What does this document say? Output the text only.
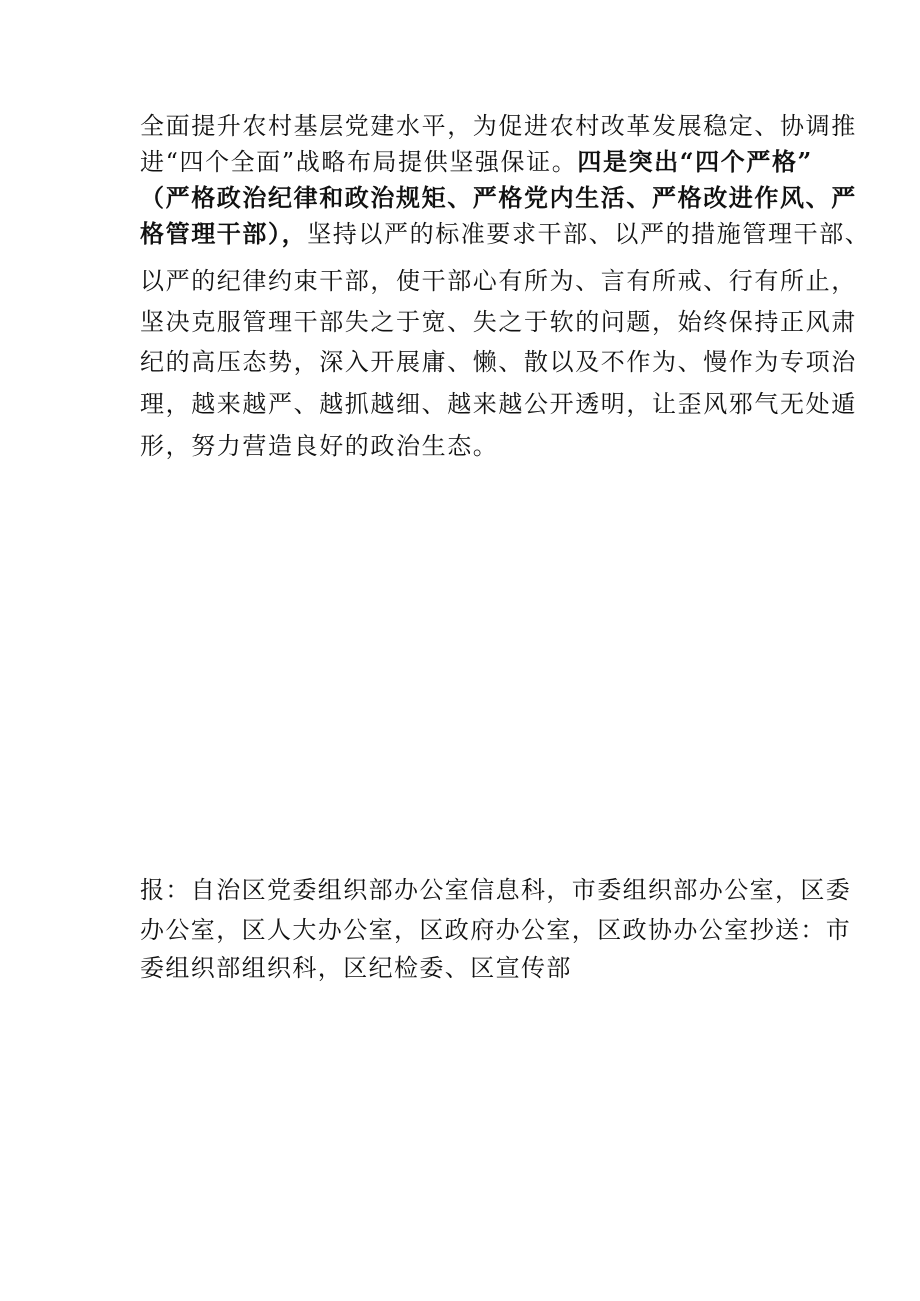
全面提升农村基层党建水平，为促进农村改革发展稳定、协调推
进“四个全面”战略布局提供坚强保证。四是突出“四个严格”
（严格政治纪律和政治规矩、严格党内生活、严格改进作风、严
格管理干部），坚持以严的标准要求干部、以严的措施管理干部、
以严的纪律约束干部，使干部心有所为、言有所戒、行有所止，
坚决克服管理干部失之于宽、失之于软的问题，始终保持正风肃
纪的高压态势，深入开展庸、懒、散以及不作为、慢作为专项治
理，越来越严、越抓越细、越来越公开透明，让歪风邪气无处遁
形，努力营造良好的政治生态。
报：自治区党委组织部办公室信息科，市委组织部办公室，区委
办公室，区人大办公室，区政府办公室，区政协办公室抄送：市
委组织部组织科，区纪检委、区宣传部
